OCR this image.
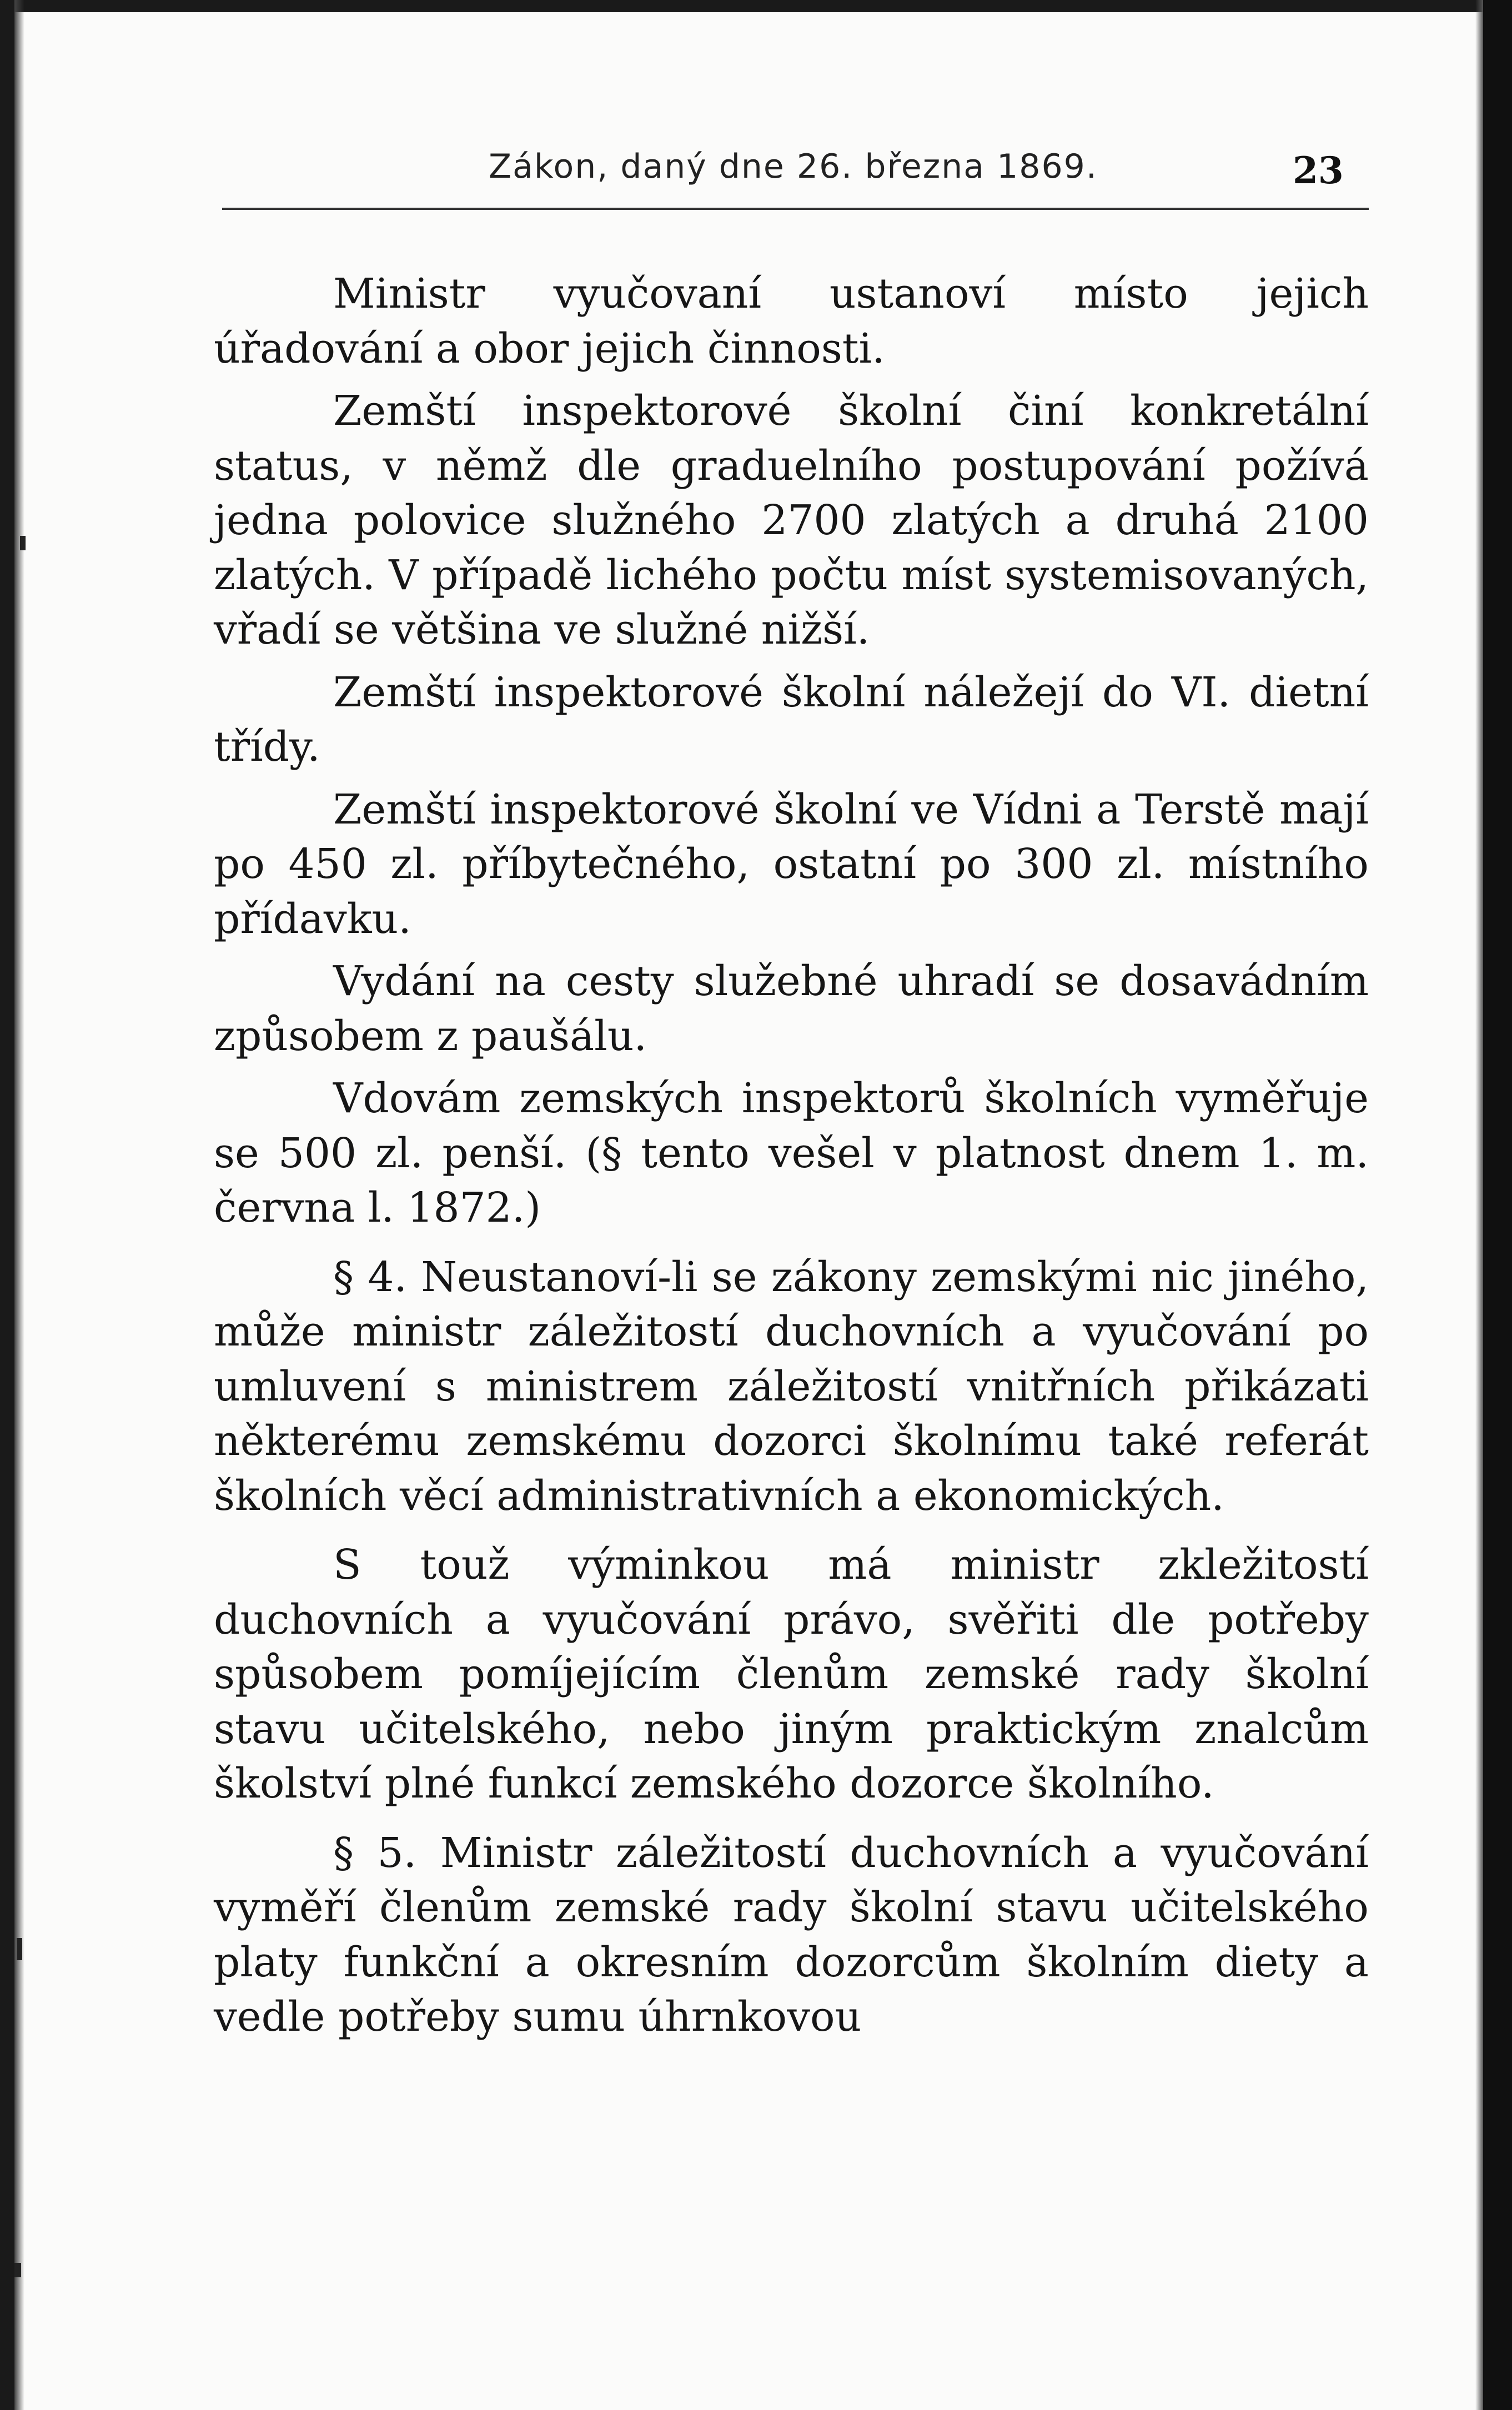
Zákon, daný dne 26. března 1869.	23

Ministr vyučovaní ustanoví místo jejich úřadování a obor jejich činnosti.

Zemští inspektorové školní činí konkretální status, v němž dle graduelního postupování požívá jedna polovice služného 2700 zlatých a druhá 2100 zlatých. V případě lichého počtu míst systemisovaných, vřadí se většina ve služné nižší.

Zemští inspektorové školní náležejí do VI. dietní třídy.

Zemští inspektorové školní ve Vídni a Terstě mají po 450 zl. příbytečného, ostatní po 300 zl. místního přídavku.

Vydání na cesty služebné uhradí se dosavádním způsobem z paušálu.

Vdovám zemských inspektorů školních vyměřuje se 500 zl. penší. (§ tento vešel v platnost dnem 1. m. června l. 1872.)

§ 4. Neustanoví-li se zákony zemskými nic jiného, může ministr záležitostí duchovních a vyučování po umluvení s ministrem záležitostí vnitřních přikázati některému zemskému dozorci školnímu také referát školních věcí administrativních a ekonomických.

S touž výminkou má ministr zkležitostí duchovních a vyučování právo, svěřiti dle potřeby spůsobem pomíjejícím členům zemské rady školní stavu učitelského, nebo jiným praktickým znalcům školství plné funkcí zemského dozorce školního.

§ 5. Ministr záležitostí duchovních a vyučování vyměří členům zemské rady školní stavu učitelského platy funkční a okresním dozorcům školním diety a vedle potřeby sumu úhrnkovou
